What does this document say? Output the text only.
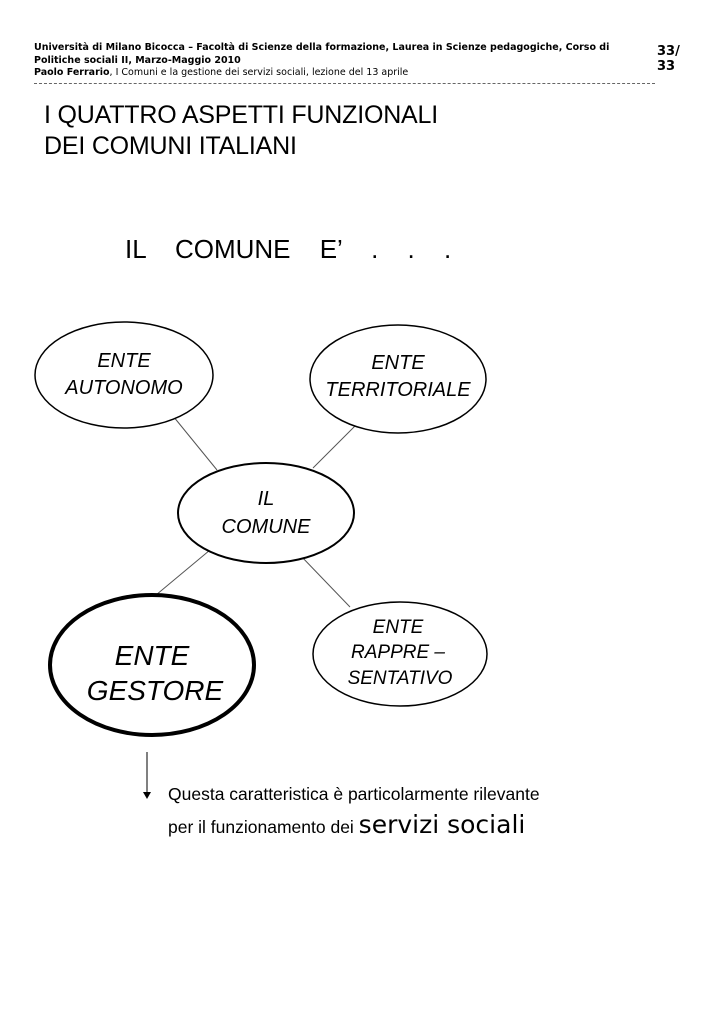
Università di Milano Bicocca – Facoltà di Scienze della formazione, Laurea in Scienze pedagogiche, Corso di
Politiche sociali II, Marzo-Maggio 2010
Paolo Ferrario, I Comuni e la gestione dei servizi sociali, lezione del 13 aprile
33/
33
I QUATTRO ASPETTI FUNZIONALI
DEI COMUNI ITALIANI
IL COMUNE E’ . . .
ENTE
AUTONOMO
ENTE
TERRITORIALE
IL
COMUNE
ENTE
GESTORE
ENTE
RAPPRE –
SENTATIVO
Questa caratteristica è particolarmente rilevante
per il funzionamento dei servizi sociali
